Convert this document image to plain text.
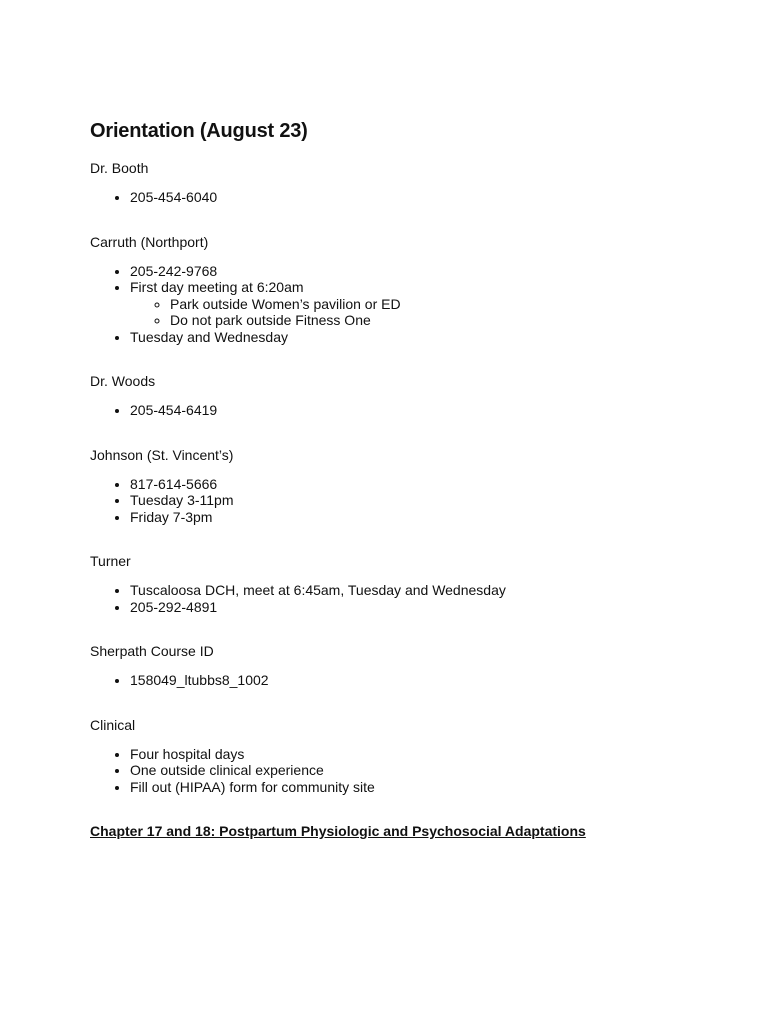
Orientation (August 23)
Dr. Booth
• 205-454-6040
Carruth (Northport)
• 205-242-9768
• First day meeting at 6:20am
◦ Park outside Women’s pavilion or ED
◦ Do not park outside Fitness One
• Tuesday and Wednesday
Dr. Woods
• 205-454-6419
Johnson (St. Vincent’s)
• 817-614-5666
• Tuesday 3-11pm
• Friday 7-3pm
Turner
• Tuscaloosa DCH, meet at 6:45am, Tuesday and Wednesday
• 205-292-4891
Sherpath Course ID
• 158049_ltubbs8_1002
Clinical
• Four hospital days
• One outside clinical experience
• Fill out (HIPAA) form for community site
Chapter 17 and 18: Postpartum Physiologic and Psychosocial Adaptations
